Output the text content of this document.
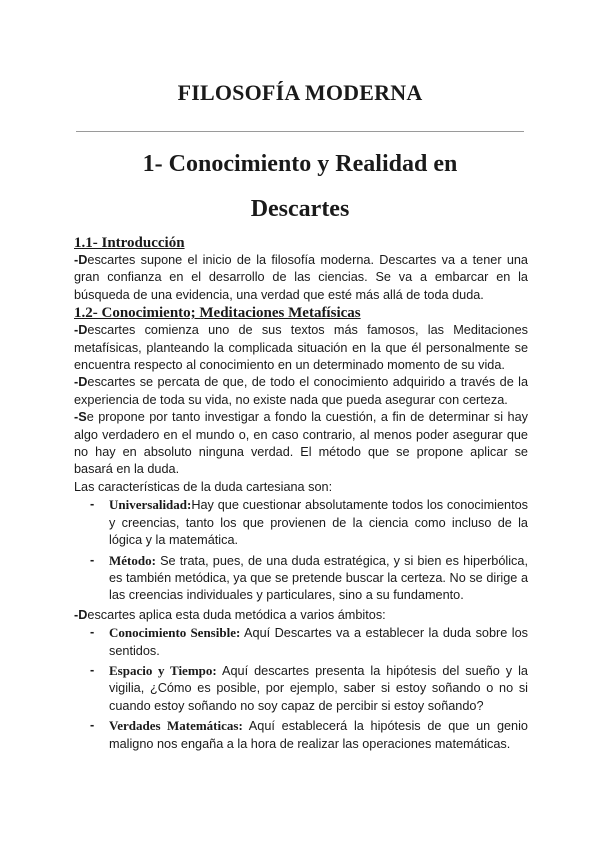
FILOSOFÍA MODERNA
1- Conocimiento y Realidad en
Descartes
1.1- Introducción

-Descartes supone el inicio de la filosofía moderna. Descartes va a tener una gran confianza en el desarrollo de las ciencias. Se va a embarcar en la búsqueda de una evidencia, una verdad que esté más allá de toda duda.

1.2- Conocimiento; Meditaciones Metafísicas

-Descartes comienza uno de sus textos más famosos, las Meditaciones metafísicas, planteando la complicada situación en la que él personalmente se encuentra respecto al conocimiento en un determinado momento de su vida.

-Descartes se percata de que, de todo el conocimiento adquirido a través de la experiencia de toda su vida, no existe nada que pueda asegurar con certeza.

-Se propone por tanto investigar a fondo la cuestión, a fin de determinar si hay algo verdadero en el mundo o, en caso contrario, al menos poder asegurar que no hay en absoluto ninguna verdad. El método que se propone aplicar se basará en la duda.

Las características de la duda cartesiana son:

- Universalidad:Hay que cuestionar absolutamente todos los conocimientos y creencias, tanto los que provienen de la ciencia como incluso de la lógica y la matemática.
- Método: Se trata, pues, de una duda estratégica, y si bien es hiperbólica, es también metódica, ya que se pretende buscar la certeza. No se dirige a las creencias individuales y particulares, sino a su fundamento.

-Descartes aplica esta duda metódica a varios ámbitos:

- Conocimiento Sensible: Aquí Descartes va a establecer la duda sobre los sentidos.
- Espacio y Tiempo: Aquí descartes presenta la hipótesis del sueño y la vigilia, ¿Cómo es posible, por ejemplo, saber si estoy soñando o no si cuando estoy soñando no soy capaz de percibir si estoy soñando?
- Verdades Matemáticas: Aquí establecerá la hipótesis de que un genio maligno nos engaña a la hora de realizar las operaciones matemáticas.
